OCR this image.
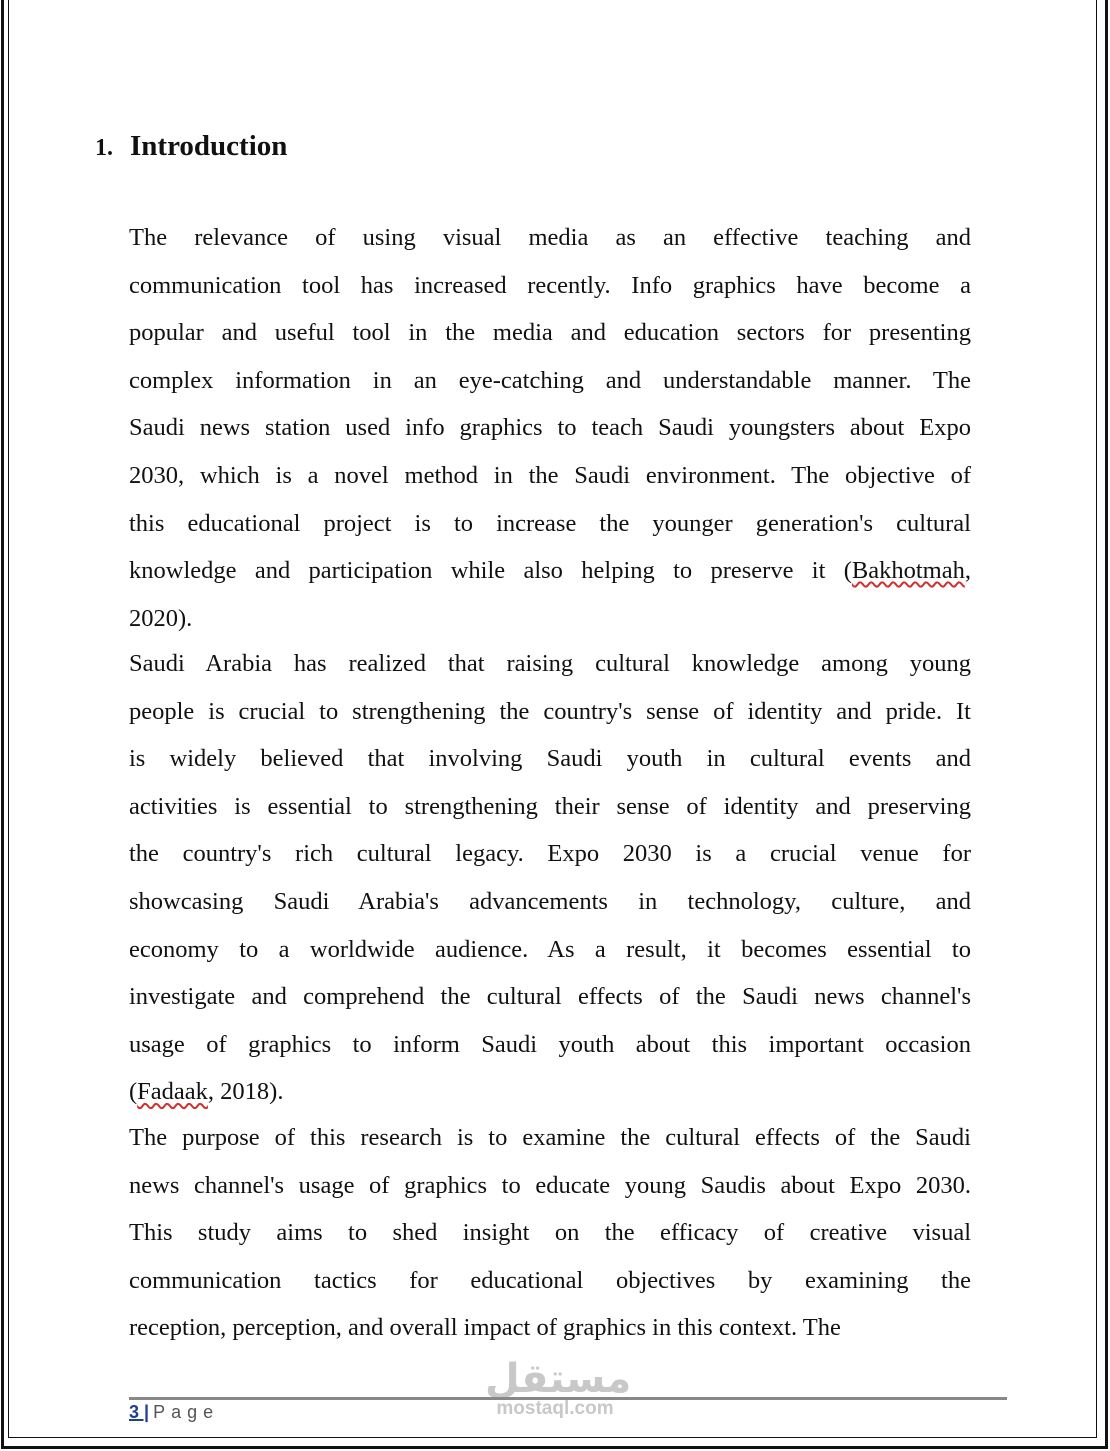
1. Introduction
The relevance of using visual media as an effective teaching and
communication tool has increased recently. Info graphics have become a
popular and useful tool in the media and education sectors for presenting
complex information in an eye-catching and understandable manner. The
Saudi news station used info graphics to teach Saudi youngsters about Expo
2030, which is a novel method in the Saudi environment. The objective of
this educational project is to increase the younger generation's cultural
knowledge and participation while also helping to preserve it (Bakhotmah,
2020).
Saudi Arabia has realized that raising cultural knowledge among young
people is crucial to strengthening the country's sense of identity and pride. It
is widely believed that involving Saudi youth in cultural events and
activities is essential to strengthening their sense of identity and preserving
the country's rich cultural legacy. Expo 2030 is a crucial venue for
showcasing Saudi Arabia's advancements in technology, culture, and
economy to a worldwide audience. As a result, it becomes essential to
investigate and comprehend the cultural effects of the Saudi news channel's
usage of graphics to inform Saudi youth about this important occasion
(Fadaak, 2018).
The purpose of this research is to examine the cultural effects of the Saudi
news channel's usage of graphics to educate young Saudis about Expo 2030.
This study aims to shed insight on the efficacy of creative visual
communication tactics for educational objectives by examining the
reception, perception, and overall impact of graphics in this context. The
مستقل
mostaql.com
3 | Page
